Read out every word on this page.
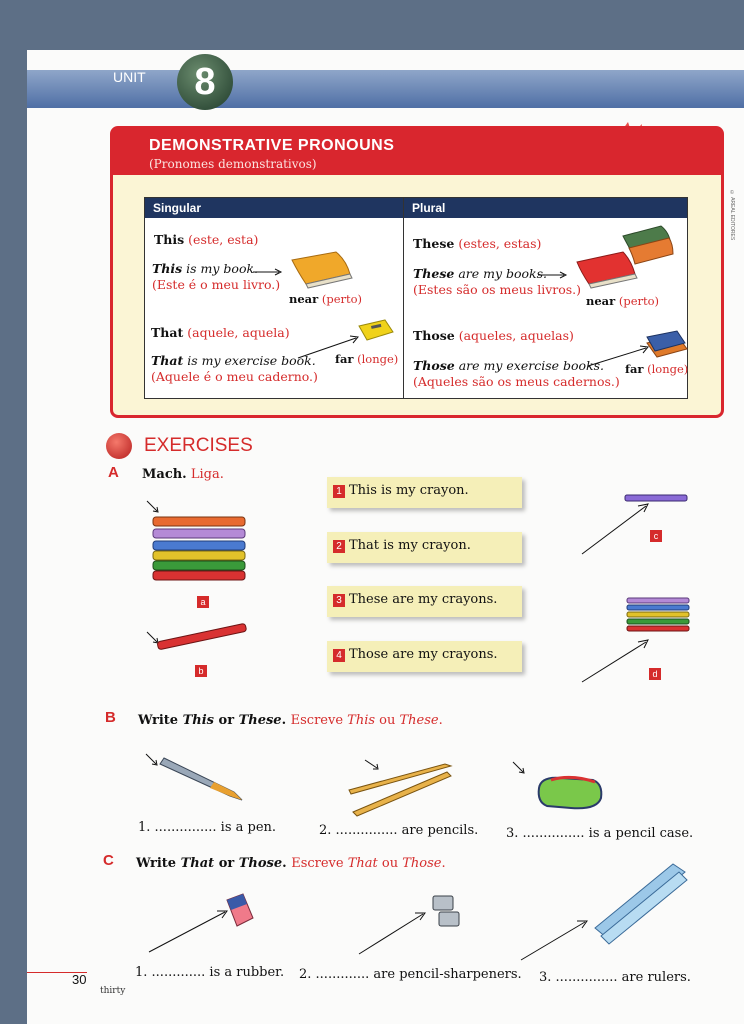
UNIT	8
© AREAL EDITORES
DEMONSTRATIVE PRONOUNS
(Pronomes demonstrativos)
Singular	Plural
This (este, esta)
This is my book.
(Este é o meu livro.)
near (perto)
That (aquele, aquela)
That is my exercise book.
(Aquele é o meu caderno.)
far (longe)
These (estes, estas)
These are my books.
(Estes são os meus livros.)
near (perto)
Those (aqueles, aquelas)
Those are my exercise books.
(Aqueles são os meus cadernos.)
far (longe)
EXERCISES
A Mach. Liga.
1 This is my crayon.
2 That is my crayon.
3 These are my crayons.
4 Those are my crayons.
a
b
c
d
B Write This or These. Escreve This ou These.
1. ............... is a pen.	2. ............... are pencils. 3. ............... is a pencil case.
C Write That or Those. Escreve That ou Those.
1. ............. is a rubber. 2. ............. are pencil-sharpeners. 3. ............... are rulers.
30
thirty
